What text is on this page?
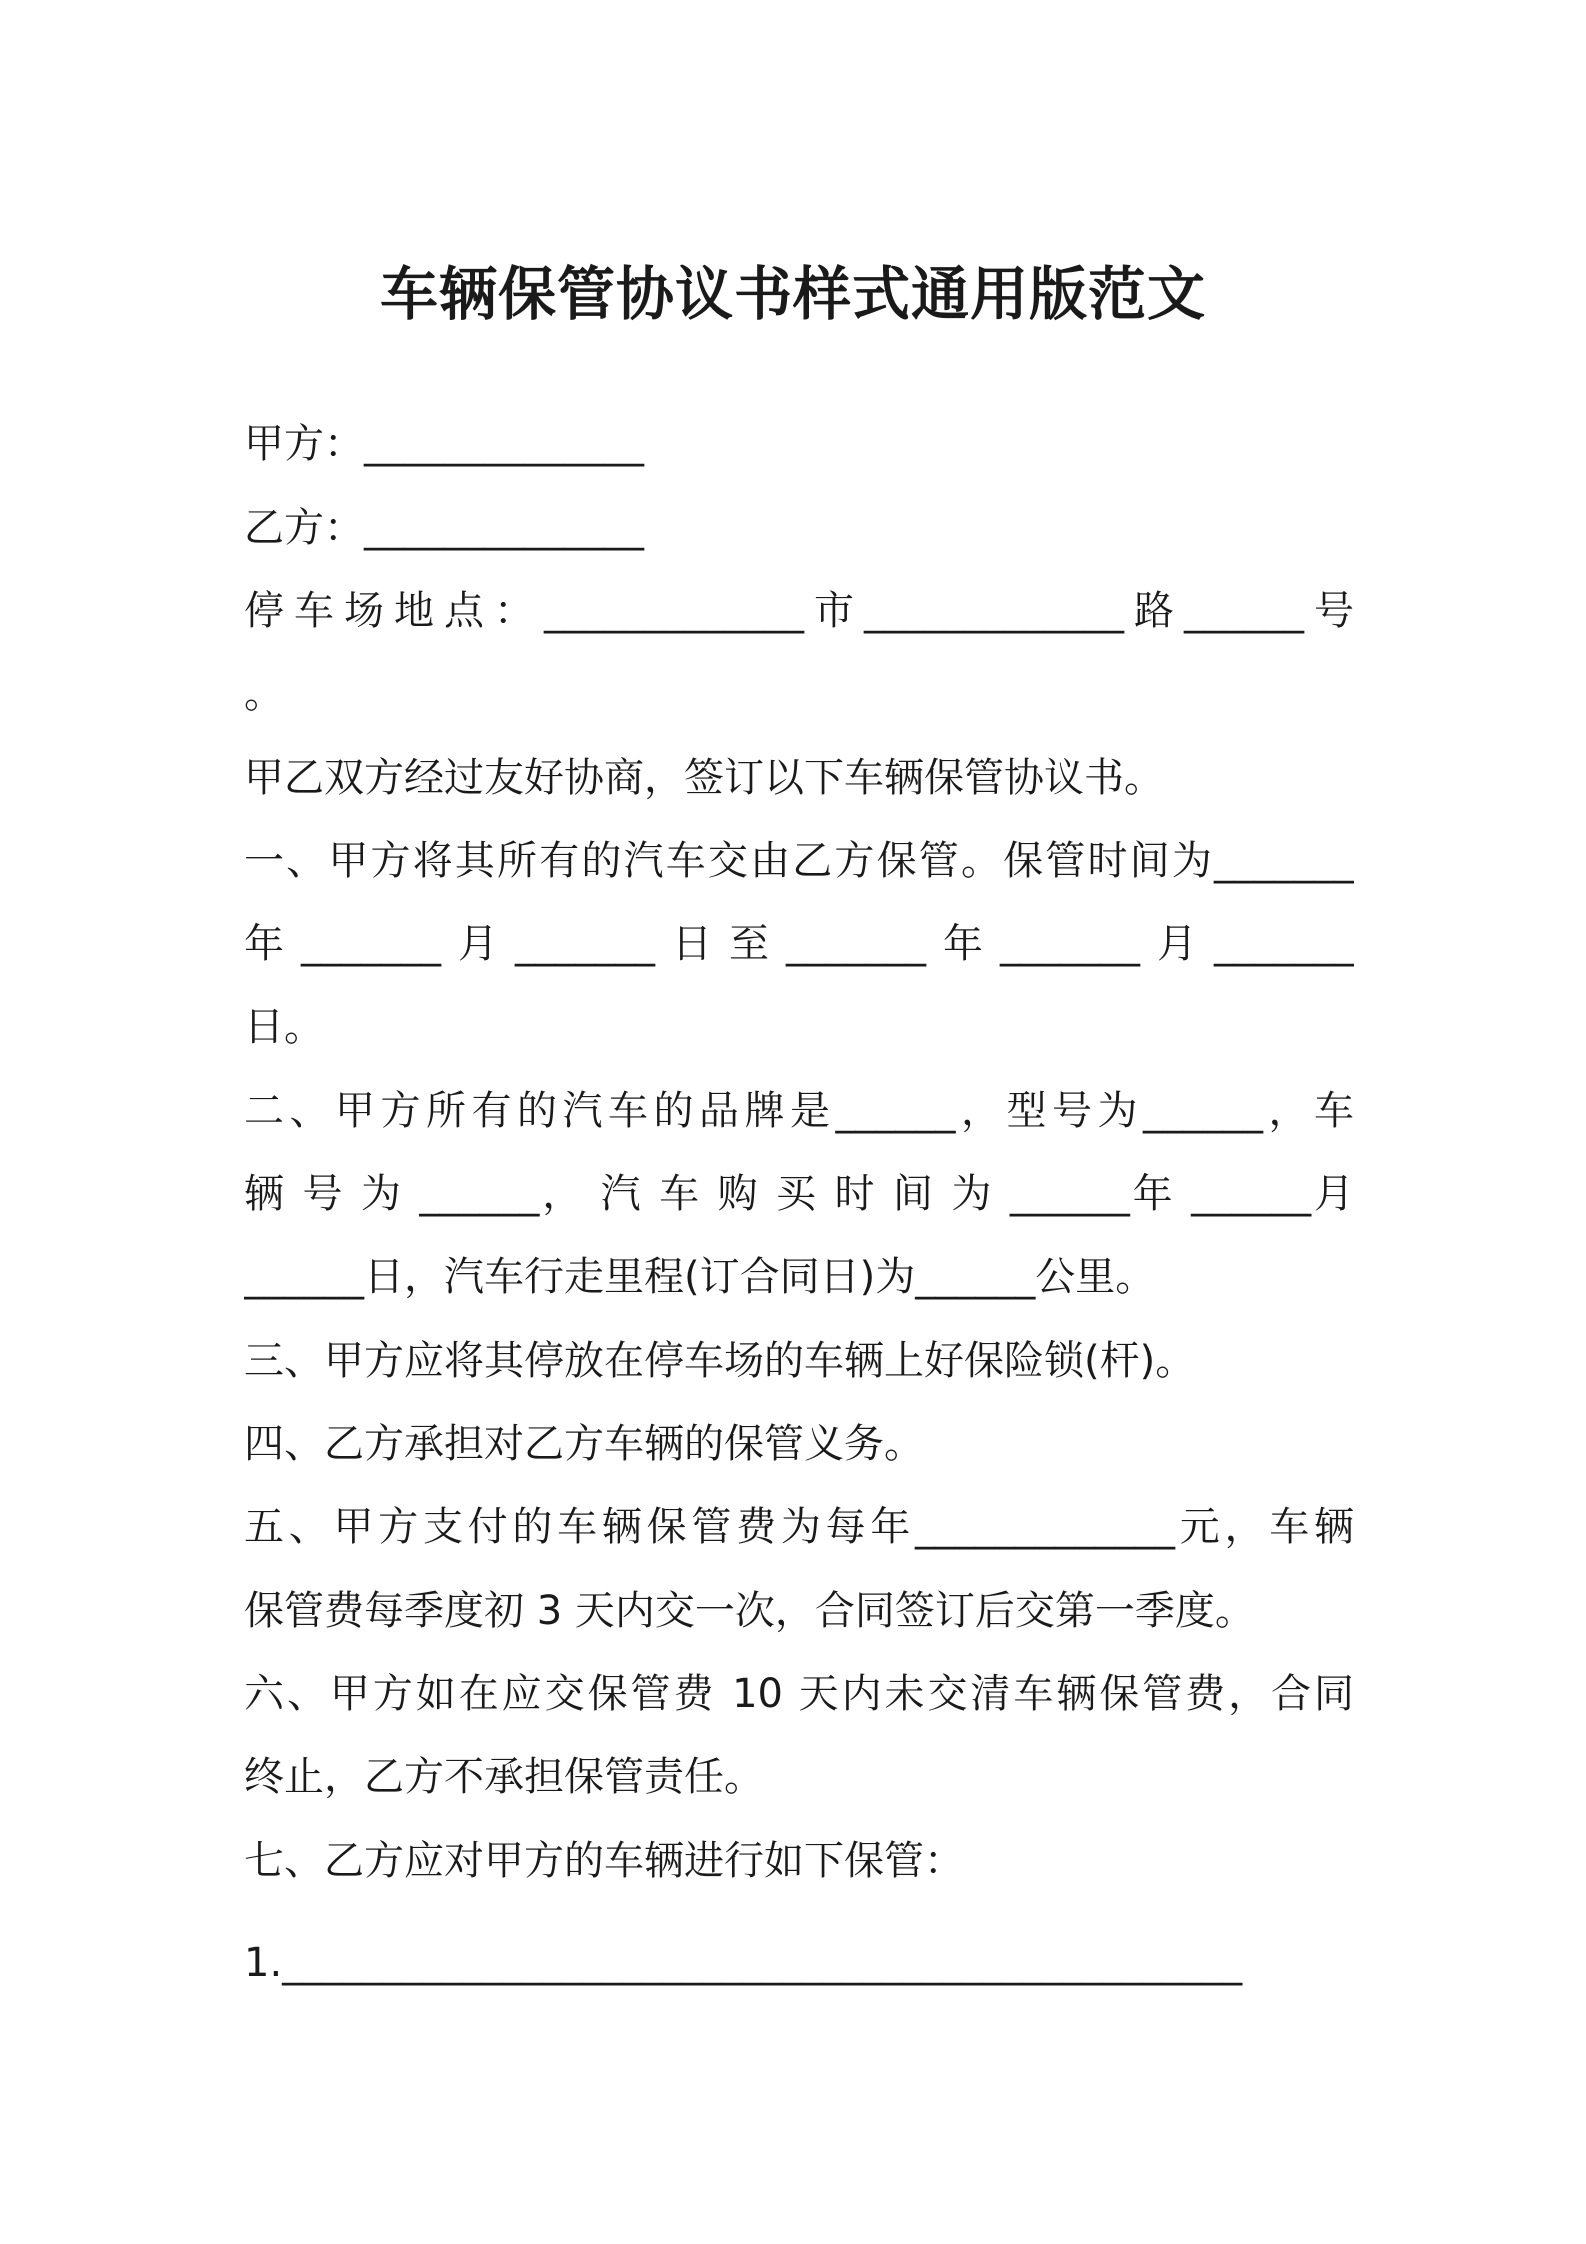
车辆保管协议书样式通用版范文
甲方：______________
乙方：______________
停车场地点：_____________市_____________路______号
。
甲乙双方经过友好协商，签订以下车辆保管协议书。
一、甲方将其所有的汽车交由乙方保管。保管时间为_______
年_______月_______日至_______年_______月_______
日。
二、甲方所有的汽车的品牌是______，型号为______，车
辆 号 为 ______， 汽 车 购 买 时 间 为 ______年 ______月
______日，汽车行走里程(订合同日)为______公里。
三、甲方应将其停放在停车场的车辆上好保险锁(杆)。
四、乙方承担对乙方车辆的保管义务。
五、甲方支付的车辆保管费为每年_____________元，车辆
保管费每季度初 3 天内交一次，合同签订后交第一季度。
六、甲方如在应交保管费 10 天内未交清车辆保管费，合同
终止，乙方不承担保管责任。
七、乙方应对甲方的车辆进行如下保管：
1.________________________________________________
